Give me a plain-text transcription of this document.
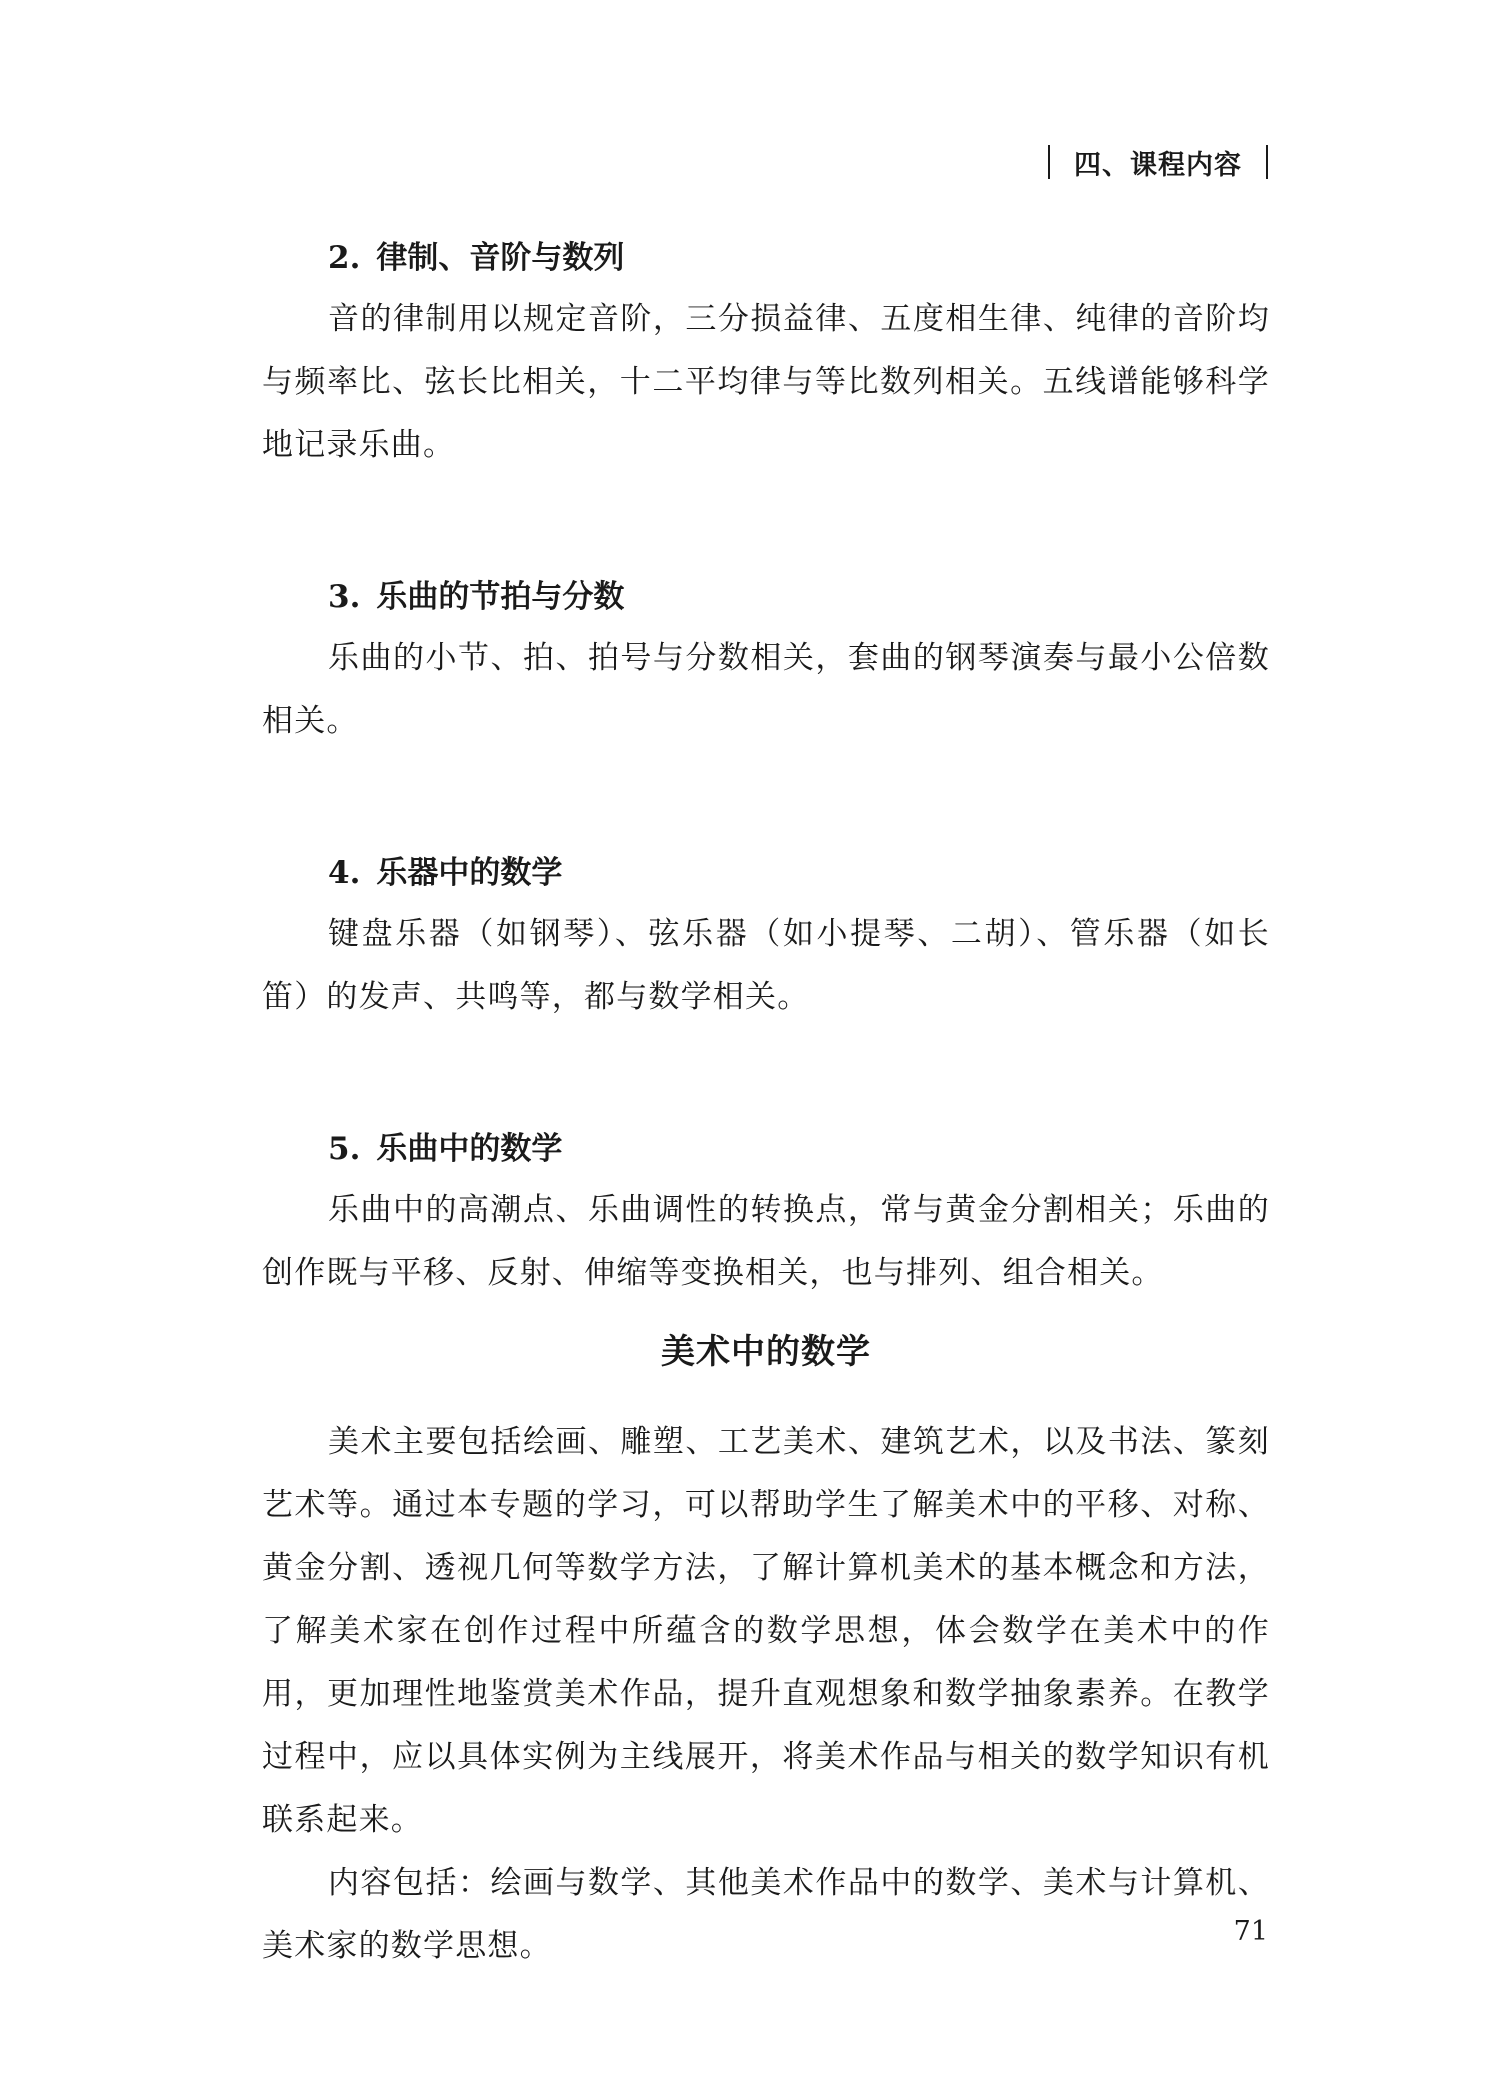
四、课程内容
2. 律制、音阶与数列

音的律制用以规定音阶，三分损益律、五度相生律、纯律的音阶均与频率比、弦长比相关，十二平均律与等比数列相关。五线谱能够科学地记录乐曲。

3. 乐曲的节拍与分数

乐曲的小节、拍、拍号与分数相关，套曲的钢琴演奏与最小公倍数相关。

4. 乐器中的数学

键盘乐器（如钢琴）、弦乐器（如小提琴、二胡）、管乐器（如长笛）的发声、共鸣等，都与数学相关。

5. 乐曲中的数学

乐曲中的高潮点、乐曲调性的转换点，常与黄金分割相关；乐曲的创作既与平移、反射、伸缩等变换相关，也与排列、组合相关。

美术中的数学

美术主要包括绘画、雕塑、工艺美术、建筑艺术，以及书法、篆刻艺术等。通过本专题的学习，可以帮助学生了解美术中的平移、对称、黄金分割、透视几何等数学方法，了解计算机美术的基本概念和方法，了解美术家在创作过程中所蕴含的数学思想，体会数学在美术中的作用，更加理性地鉴赏美术作品，提升直观想象和数学抽象素养。在教学过程中，应以具体实例为主线展开，将美术作品与相关的数学知识有机联系起来。

内容包括：绘画与数学、其他美术作品中的数学、美术与计算机、美术家的数学思想。	71
